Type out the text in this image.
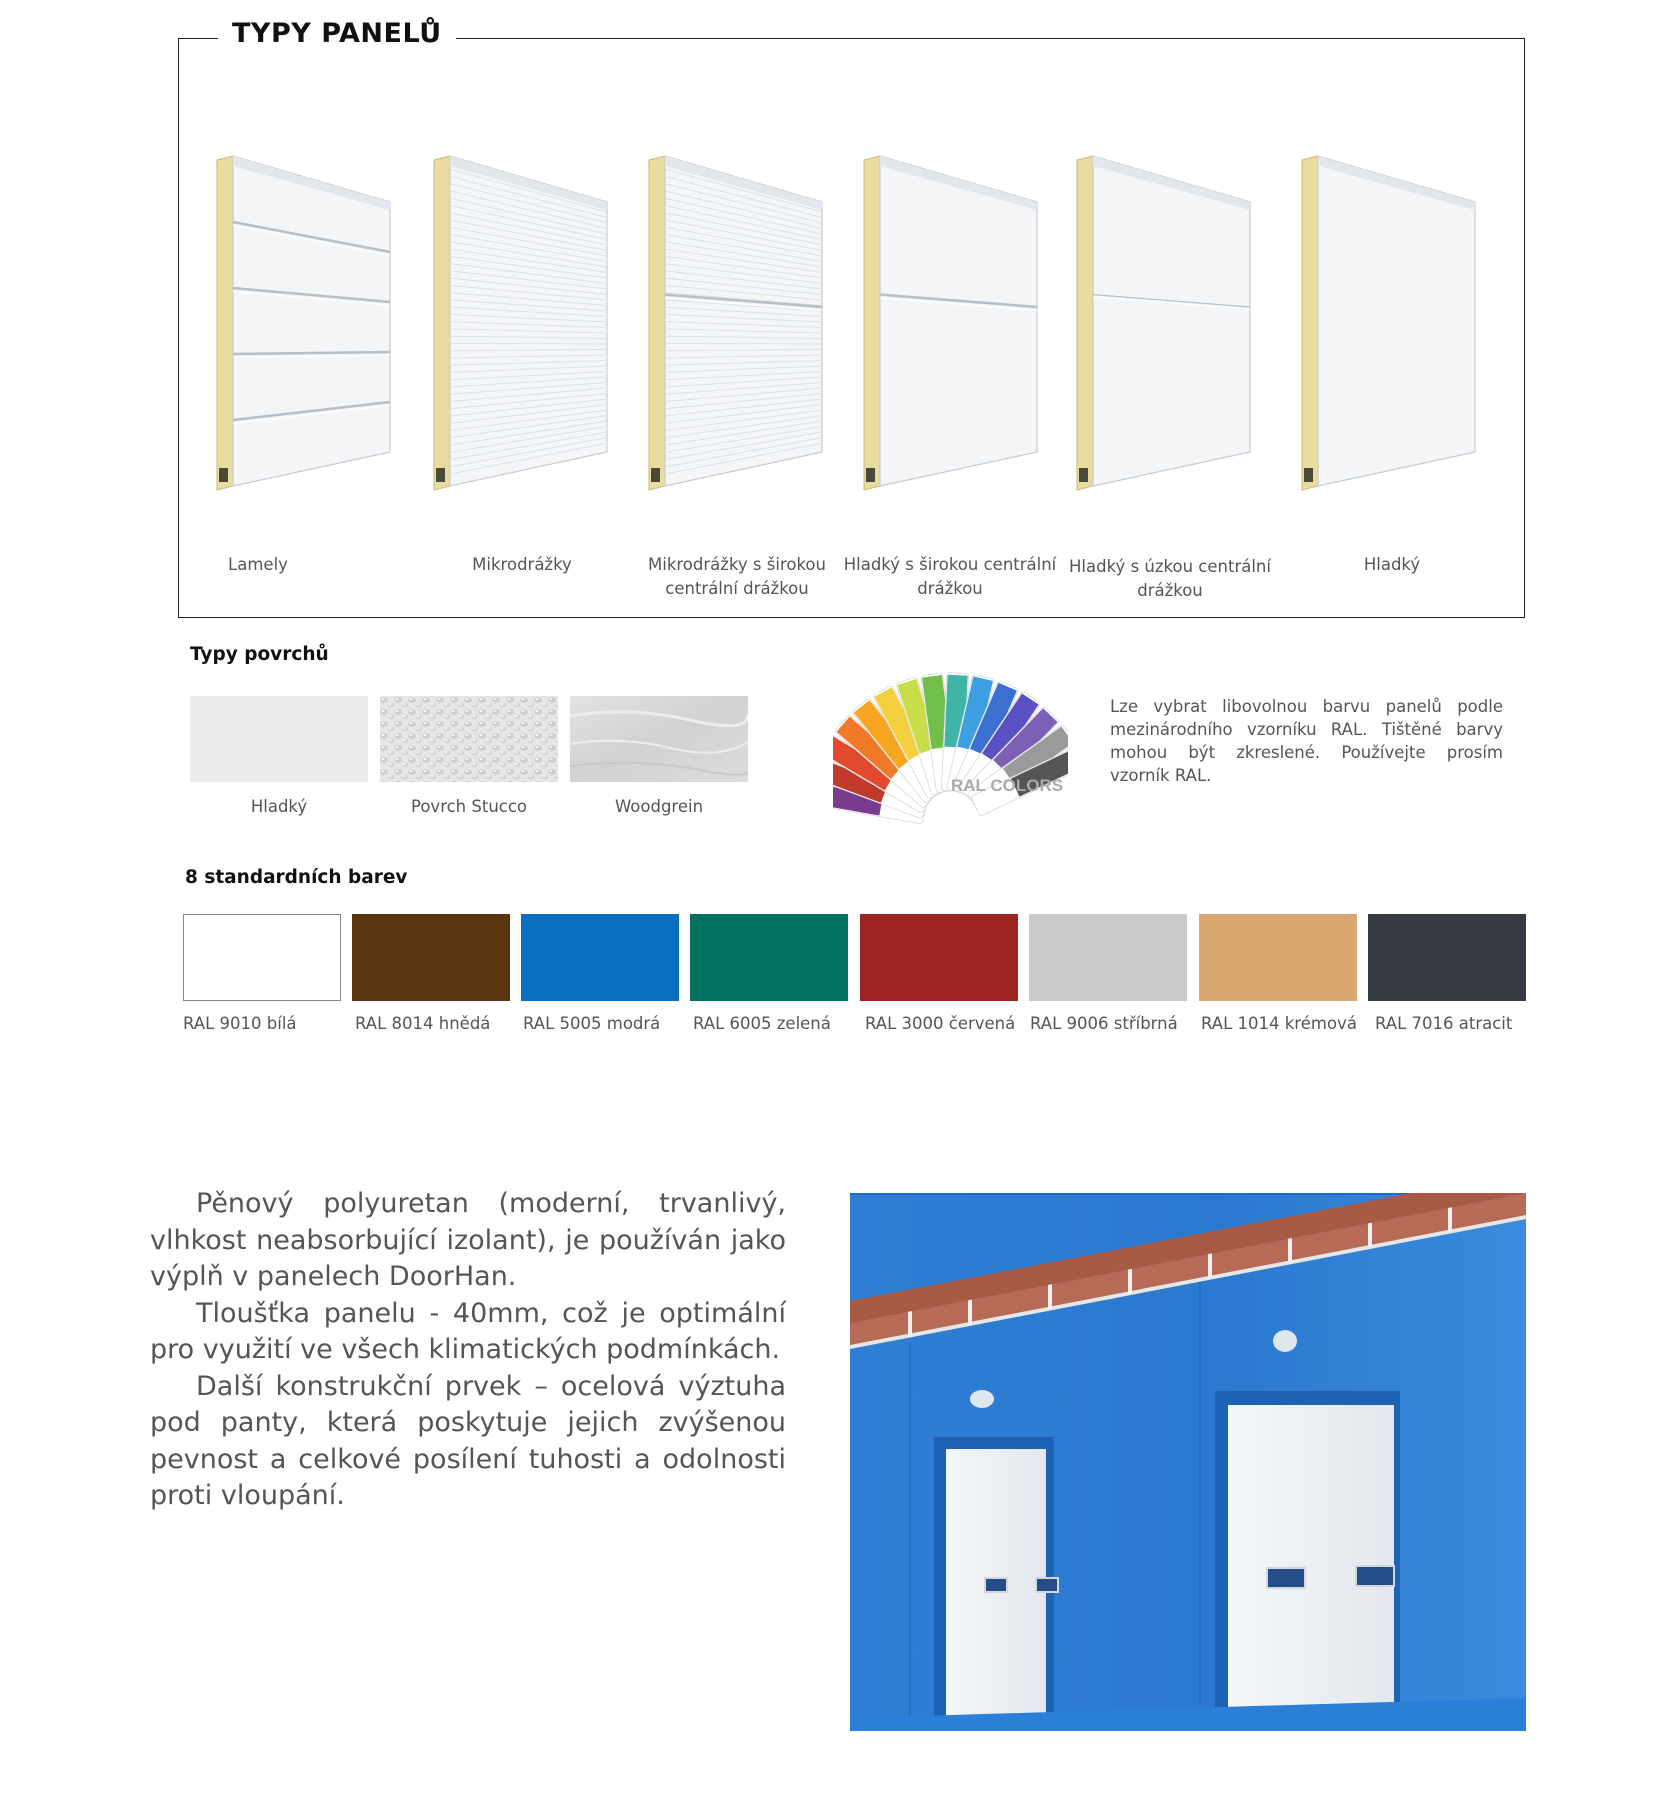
TYPY PANELŮ
Lamely	Mikrodrážky	Mikrodrážky s širokou centrální drážkou
Hladký s širokou centrální drážkou
Hladký s úzkou centrální drážkou
Hladký
Typy povrchů
Hladký	Povrch Stucco	Woodgrein
RAL COLORS
Lze vybrat libovolnou barvu panelů podle mezinárodního vzorníku RAL. Tištěné barvy mohou být zkreslené. Používejte prosím vzorník RAL.
8 standardních barev
RAL 9010 bílá	RAL 8014 hnědá RAL 5005 modrá RAL 6005 zelená RAL 3000 červená RAL 9006 stříbrná RAL 1014 krémová RAL 7016 atracit

Pěnový polyuretan (moderní, trvanlivý, vlhkost neabsorbující izolant), je používán jako výplň v panelech DoorHan.

Tloušťka panelu - 40mm, což je optimální pro využití ve všech klimatických podmínkách.

Další konstrukční prvek – ocelová výztuha pod panty, která poskytuje jejich zvýšenou pevnost a celkové posílení tuhosti a odolnosti proti vloupání.
